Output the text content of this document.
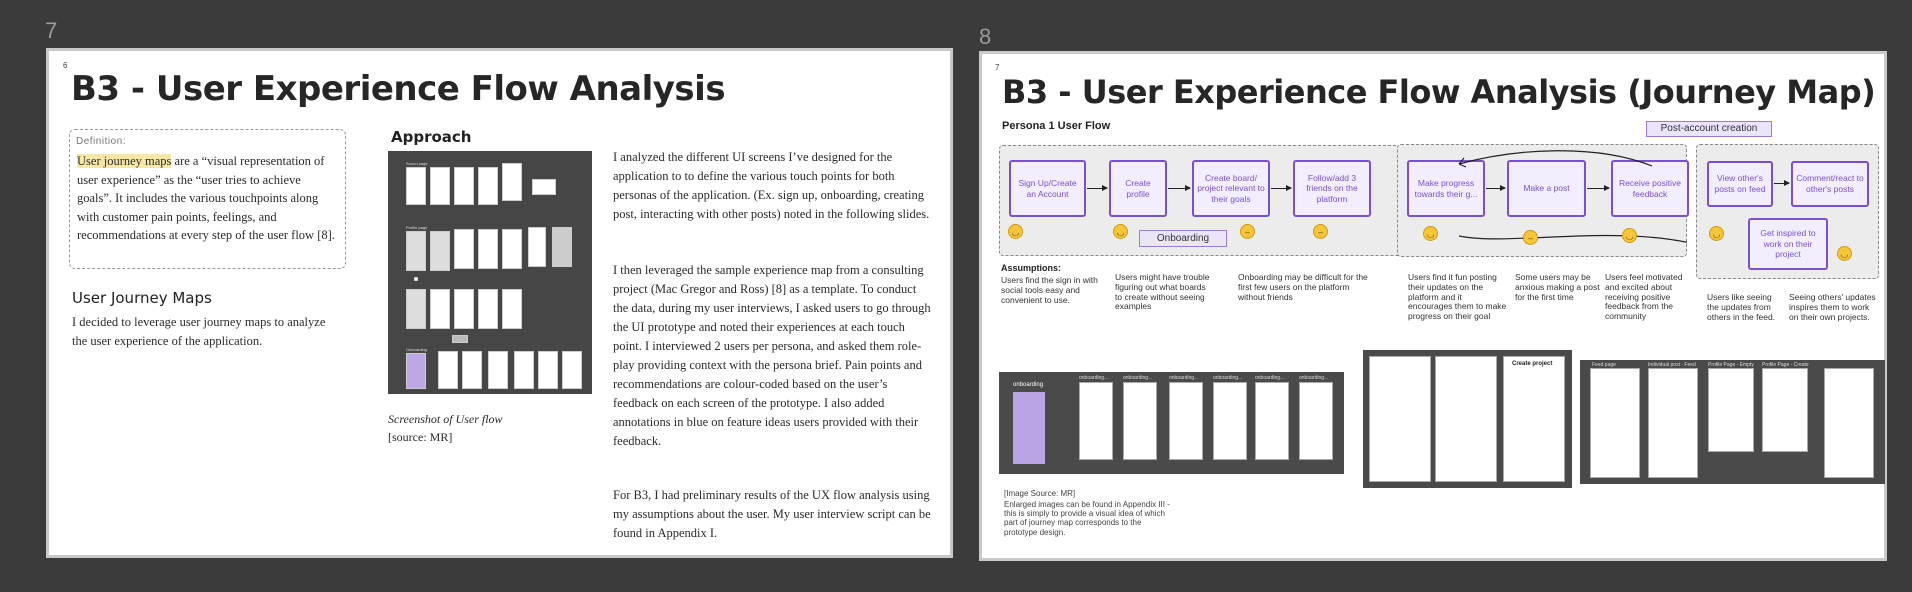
7	8
6
B3 - User Experience Flow Analysis
Definition:
User journey maps are a “visual representation of user experience” as the “user tries to achieve goals”. It includes the various touchpoints along with customer pain points, feelings, and recommendations at every step of the user flow [8].
User Journey Maps
I decided to leverage user journey maps to analyze the user experience of the application.
Approach
Sound page
Profile page
Onboarding
Screenshot of User flow
[source: MR]
I analyzed the different UI screens I’ve designed for the application to to define the various touch points for both personas of the application. (Ex. sign up, onboarding, creating post, interacting with other posts) noted in the following slides.
I then leveraged the sample experience map from a consulting project (Mac Gregor and Ross) [8] as a template. To conduct the data, during my user interviews, I asked users to go through the UI prototype and noted their experiences at each touch point. I interviewed 2 users per persona, and asked them role-play providing context with the persona brief. Pain points and recommendations are colour-coded based on the user’s feedback on each screen of the prototype. I also added annotations in blue on feature ideas users provided with their feedback.
For B3, I had preliminary results of the UX flow analysis using my assumptions about the user. My user interview script can be found in Appendix I.
7
B3 - User Experience Flow Analysis (Journey Map)
Persona 1 User Flow	Post-account creation
Sign Up/Create an Account
Create profile
Create board/ project relevant to their goals
Follow/add 3 friends on the platform
◡	◡	–	–
Onboarding
Make progress towards their g...
Make a post
Receive positive feedback
◡	–	◡
View other's posts on feed
Comment/react to other's posts
Get inspired to work on their project
◡
◡
Assumptions:
Users find the sign in with social tools easy and convenient to use.
Users might have trouble figuring out what boards to create without seeing examples
Onboarding may be difficult for the first few users on the platform without friends
Users find it fun posting their updates on the platform and it encourages them to make progress on their goal
Some users may be anxious making a post for the first time
Users feel motivated and excited about receiving positive feedback from the community
Users like seeing the updates from others in the feed.
Seeing others' updates inspires them to work on their own projects.
onboarding
onboarding...	onboarding...	onboarding...	onboarding...	onboarding...	onboarding...
Create project	Feed page	Individual post - Feed Profile Page - Empty Profile Page - Create
[Image Source: MR]
Enlarged images can be found in Appendix III - this is simply to provide a visual idea of which part of journey map corresponds to the prototype design.
